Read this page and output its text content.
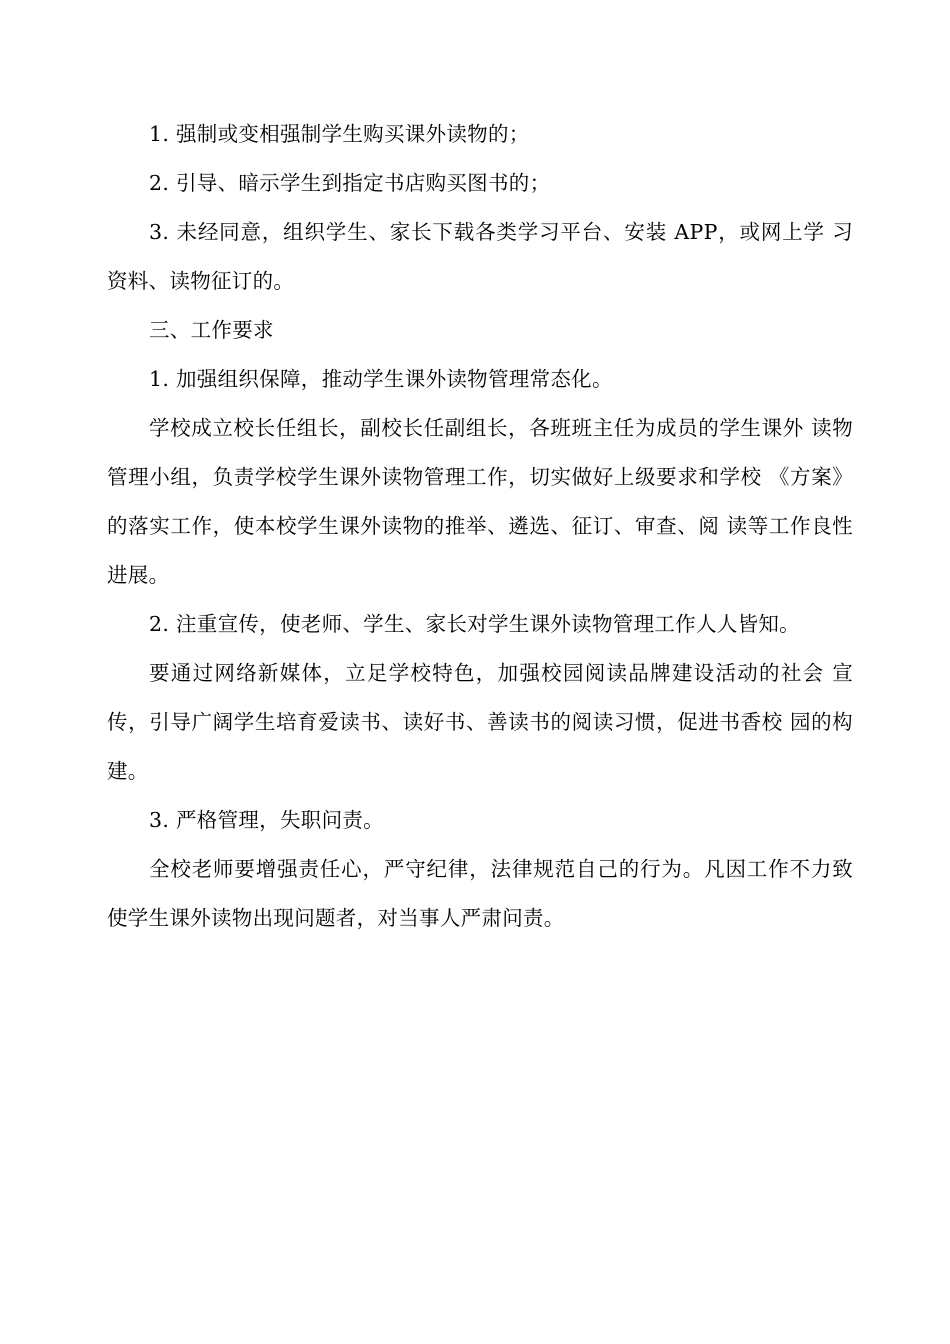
1. 强制或变相强制学生购买课外读物的；

2. 引导、暗示学生到指定书店购买图书的；

3. 未经同意，组织学生、家长下载各类学习平台、安装 APP，或网上学 习资料、读物征订的。

三、工作要求

1. 加强组织保障，推动学生课外读物管理常态化。

学校成立校长任组长，副校长任副组长，各班班主任为成员的学生课外 读物管理小组，负责学校学生课外读物管理工作，切实做好上级要求和学校 《方案》的落实工作，使本校学生课外读物的推举、遴选、征订、审查、阅 读等工作良性进展。

2. 注重宣传，使老师、学生、家长对学生课外读物管理工作人人皆知。

要通过网络新媒体，立足学校特色，加强校园阅读品牌建设活动的社会 宣传，引导广阔学生培育爱读书、读好书、善读书的阅读习惯，促进书香校 园的构建。

3. 严格管理，失职问责。

全校老师要增强责任心，严守纪律，法律规范自己的行为。凡因工作不力致使学生课外读物出现问题者，对当事人严肃问责。
